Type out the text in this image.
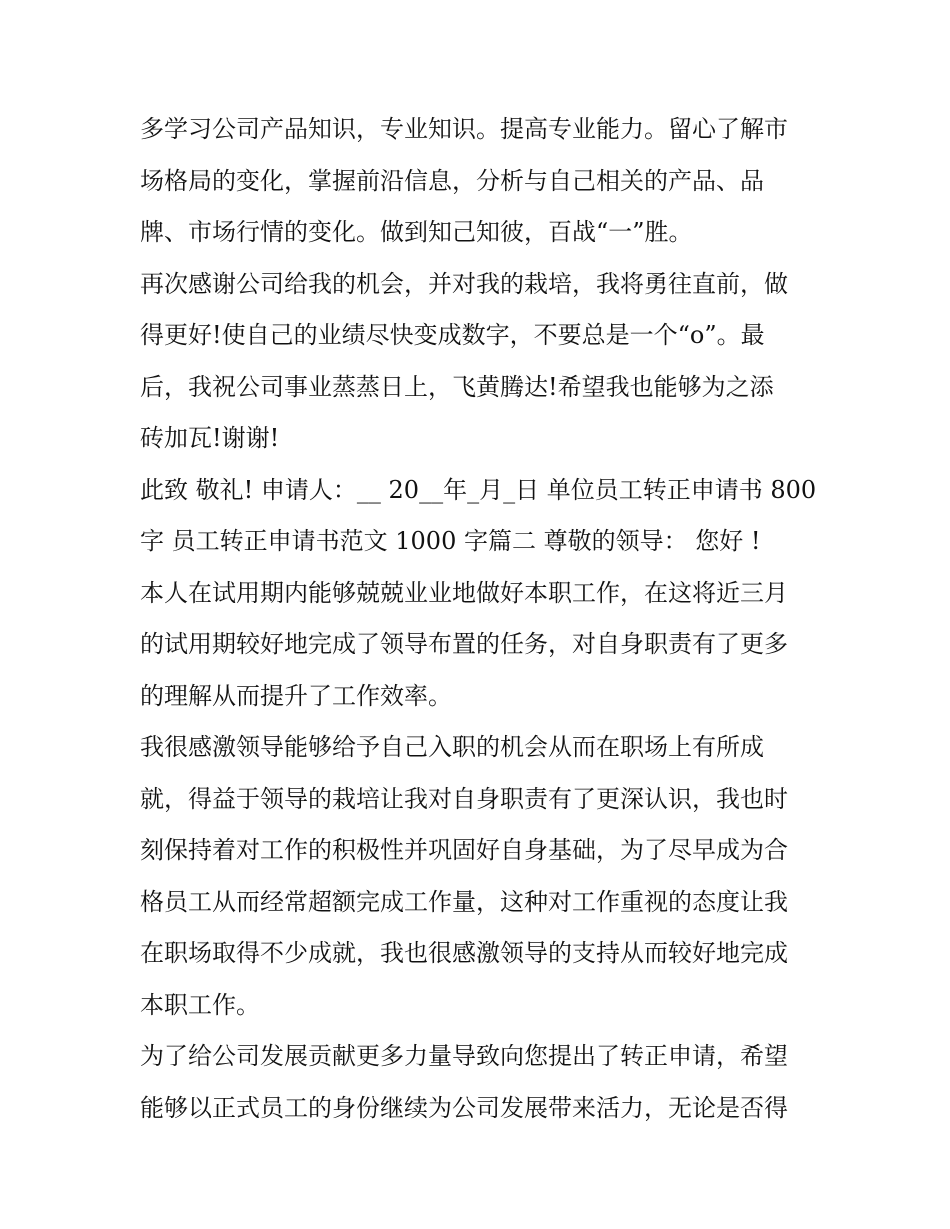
多学习公司产品知识，专业知识。提高专业能力。留心了解市
场格局的变化，掌握前沿信息，分析与自己相关的产品、品
牌、市场行情的变化。做到知己知彼，百战“一”胜。
再次感谢公司给我的机会，并对我的栽培，我将勇往直前，做
得更好!使自己的业绩尽快变成数字，不要总是一个“o”。最
后，我祝公司事业蒸蒸日上，飞黄腾达!希望我也能够为之添
砖加瓦!谢谢!
此致 敬礼! 申请人：__ 20__年_月_日 单位员工转正申请书 800
字 员工转正申请书范文 1000 字篇二 尊敬的领导： 您好 !
本人在试用期内能够兢兢业业地做好本职工作，在这将近三月
的试用期较好地完成了领导布置的任务，对自身职责有了更多
的理解从而提升了工作效率。
我很感激领导能够给予自己入职的机会从而在职场上有所成
就，得益于领导的栽培让我对自身职责有了更深认识，我也时
刻保持着对工作的积极性并巩固好自身基础，为了尽早成为合
格员工从而经常超额完成工作量，这种对工作重视的态度让我
在职场取得不少成就，我也很感激领导的支持从而较好地完成
本职工作。
为了给公司发展贡献更多力量导致向您提出了转正申请，希望
能够以正式员工的身份继续为公司发展带来活力，无论是否得
